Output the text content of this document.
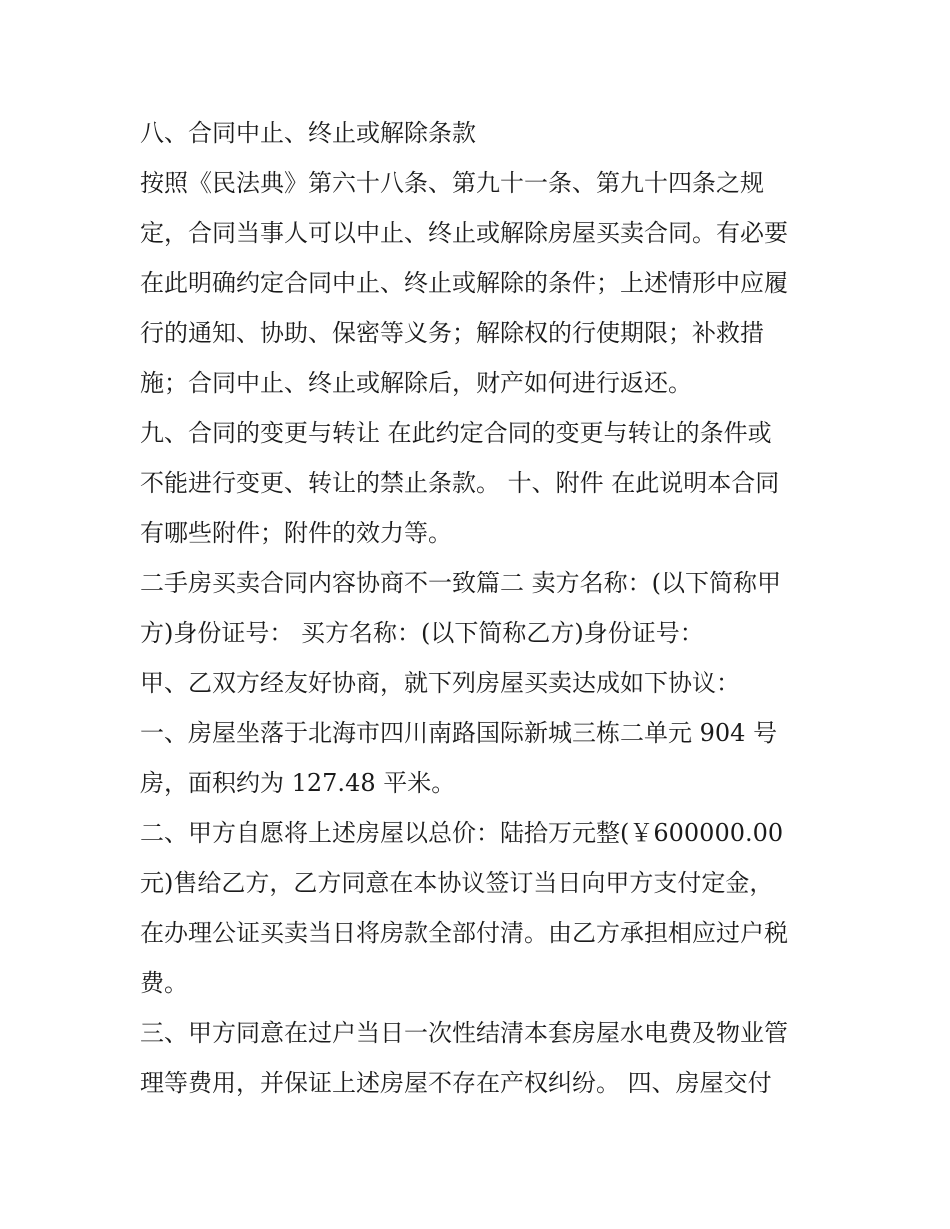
八、合同中止、终止或解除条款
按照《民法典》第六十八条、第九十一条、第九十四条之规
定，合同当事人可以中止、终止或解除房屋买卖合同。有必要
在此明确约定合同中止、终止或解除的条件；上述情形中应履
行的通知、协助、保密等义务；解除权的行使期限；补救措
施；合同中止、终止或解除后，财产如何进行返还。
九、合同的变更与转让 在此约定合同的变更与转让的条件或
不能进行变更、转让的禁止条款。 十、附件 在此说明本合同
有哪些附件；附件的效力等。
二手房买卖合同内容协商不一致篇二 卖方名称：(以下简称甲
方)身份证号： 买方名称：(以下简称乙方)身份证号：
甲、乙双方经友好协商，就下列房屋买卖达成如下协议：
一、房屋坐落于北海市四川南路国际新城三栋二单元 904 号
房，面积约为 127.48 平米。
二、甲方自愿将上述房屋以总价：陆拾万元整(￥600000.00
元)售给乙方，乙方同意在本协议签订当日向甲方支付定金，
在办理公证买卖当日将房款全部付清。由乙方承担相应过户税
费。
三、甲方同意在过户当日一次性结清本套房屋水电费及物业管
理等费用，并保证上述房屋不存在产权纠纷。 四、房屋交付
